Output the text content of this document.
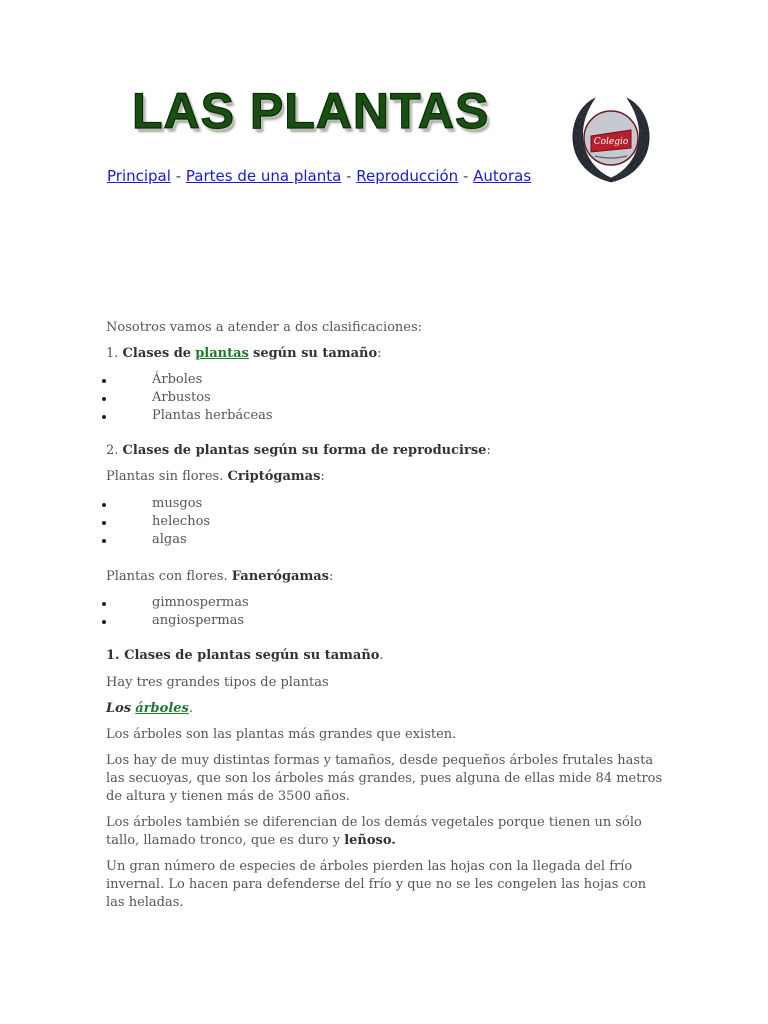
LAS PLANTAS
Colegio
Principal - Partes de una planta - Reproducción - Autoras

Nosotros vamos a atender a dos clasificaciones:

1. Clases de plantas según su tamaño:

Árboles
Arbustos
Plantas herbáceas

2. Clases de plantas según su forma de reproducirse:

Plantas sin flores. Criptógamas:

musgos
helechos
algas

Plantas con flores. Fanerógamas:

gimnospermas
angiospermas

1. Clases de plantas según su tamaño.

Hay tres grandes tipos de plantas

Los árboles.

Los árboles son las plantas más grandes que existen.

Los hay de muy distintas formas y tamaños, desde pequeños árboles frutales hasta las secuoyas, que son los árboles más grandes, pues alguna de ellas mide 84 metros de altura y tienen más de 3500 años.

Los árboles también se diferencian de los demás vegetales porque tienen un sólo tallo, llamado tronco, que es duro y leñoso.

Un gran número de especies de árboles pierden las hojas con la llegada del frío invernal. Lo hacen para defenderse del frío y que no se les congelen las hojas con las heladas.
